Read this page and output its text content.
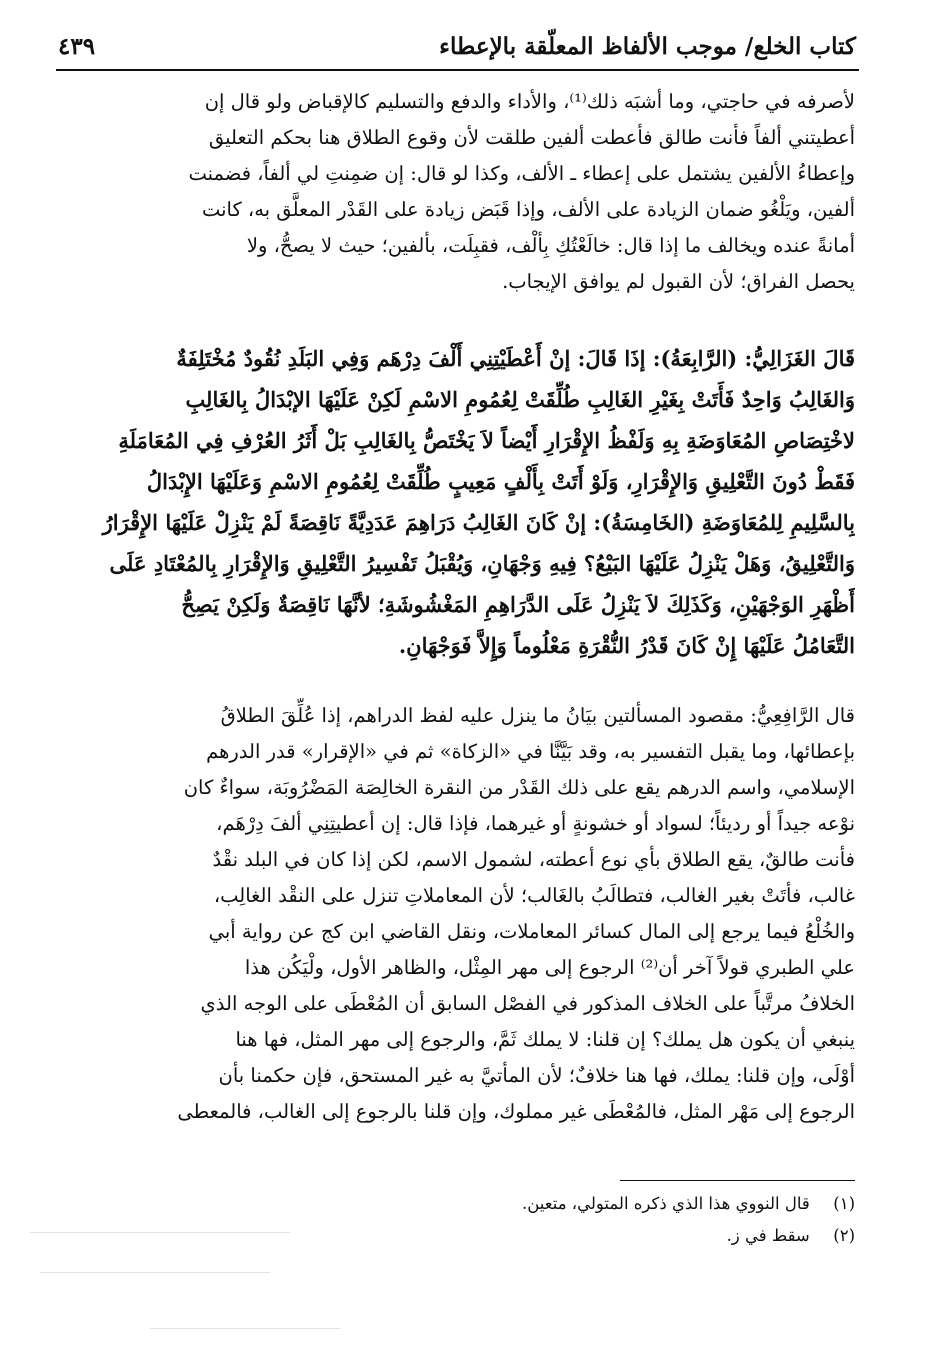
كتاب الخلع/ موجب الألفاظ المعلّقة بالإعطاء
٤٣٩
لأصرفه في حاجتي، وما أشبَه ذلك⁽¹⁾، والأداء والدفع والتسليم كالإقباض ولو قال إن
أعطيتني ألفاً فأنت طالق فأعطت ألفين طلقت لأن وقوع الطلاق هنا بحكم التعليق
وإعطاءُ الألفين يشتمل على إعطاء ـ الألف، وكذا لو قال: إن ضمِنتِ لي ألفاً، فضمنت
ألفين، ويَلْغُو ضمان الزيادة على الألف، وإذا قَبَض زيادة على القَدْر المعلَّق به، كانت
أمانةً عنده ويخالف ما إذا قال: خالَعْتُكِ بِألْف، فقبِلَت، بألفين؛ حيث لا يصحُّ، ولا
يحصل الفراق؛ لأن القبول لم يوافق الإيجاب.
قَالَ الغَزَالِيُّ: (الرَّابِعَةُ): إذَا قَالَ: إنْ أَعْطَيْتِنِي أَلْفَ دِرْهَم وَفِي البَلَدِ نُقُودٌ مُخْتَلِفَةٌ
وَالغَالِبُ وَاحِدٌ فَأَتَتْ بِغَيْرِ الغَالِبِ طُلِّقَتْ لِعُمُومِ الاسْمِ لَكِنْ عَلَيْهَا الإبْدَالُ بِالغَالِبِ
لاخْتِصَاصِ المُعَاوَضَةِ بِهِ وَلَفْظُ الإِقْرَارِ أَيْضاً لاَ يَخْتَصُّ بِالغَالِبِ بَلْ أَثَرُ العُرْفِ فِي المُعَامَلَةِ
فَقَطْ دُونَ التَّعْلِيقِ وَالإِقْرَارِ، وَلَوْ أَتَتْ بِأَلْفٍ مَعِيبٍ طُلِّقَتْ لِعُمُومِ الاسْمِ وَعَلَيْهَا الإِبْدَالُ
بِالسَّلِيمِ لِلمُعَاوَضَةِ (الخَامِسَةُ): إنْ كَانَ الغَالِبُ دَرَاهِمَ عَدَدِيَّةً نَاقِصَةً لَمْ يَنْزِلْ عَلَيْهَا الإِقْرَارُ
وَالتَّعْلِيقُ، وَهَلْ يَنْزِلُ عَلَيْهَا البَيْعُ؟ فِيهِ وَجْهَانِ، وَيُقْبَلُ تَفْسِيرُ التَّعْلِيقِ وَالإِقْرَارِ بِالمُعْتَادِ عَلَى
أَظْهَرِ الوَجْهَيْنِ، وَكَذَلِكَ لاَ يَنْزِلُ عَلَى الدَّرَاهِمِ المَغْشُوشَةِ؛ لأنَّهَا نَاقِصَةٌ وَلَكِنْ يَصِحُّ
التَّعَامُلُ عَلَيْهَا إِنْ كَانَ قَدْرُ النُّقْرَةِ مَعْلُوماً وَإِلاَّ فَوَجْهَانِ.
قال الرَّافِعِيُّ: مقصود المسألتين بيَانُ ما ينزل عليه لفظ الدراهم، إذا عُلِّقَ الطلاقُ
بإعطائها، وما يقبل التفسير به، وقد بَيَّنَّا في «الزكاة» ثم في «الإقرار» قدر الدرهم
الإسلامي، واسم الدرهم يقع على ذلك القَدْر من النقرة الخالِصَة المَضْرُوبَة، سواءٌ كان
نوْعه جيداً أو رديئاً؛ لسواد أو خشونةٍ أو غيرهما، فإذا قال: إن أعطيتِنِي ألفَ دِرْهَم،
فأنت طالقٌ، يقع الطلاق بأي نوع أعطته، لشمول الاسم، لكن إذا كان في البلد نقْدٌ
غالب، فأتَتْ بغير الغالب، فتطالَبُ بالغَالب؛ لأن المعاملاتِ تنزل على النقْد الغالِب،
والخُلْعُ فيما يرجع إلى المال كسائر المعاملات، ونقل القاضي ابن كج عن رواية أبي
علي الطبري قولاً آخر أن⁽²⁾ الرجوع إلى مهر المِثْل، والظاهر الأول، ولْيَكُن هذا
الخلافُ مرتَّباً على الخلاف المذكور في الفصْل السابق أن المُعْطَى على الوجه الذي
ينبغي أن يكون هل يملك؟ إن قلنا: لا يملك ثَمَّ، والرجوع إلى مهر المثل، فها هنا
أوْلَى، وإن قلنا: يملك، فها هنا خلافٌ؛ لأن المأتيَّ به غير المستحق، فإن حكمنا بأن
الرجوع إلى مَهْر المثل، فالمُعْطَى غير مملوك، وإن قلنا بالرجوع إلى الغالب، فالمعطى
(١) قال النووي هذا الذي ذكره المتولي، متعين.
(٢) سقط في ز.
